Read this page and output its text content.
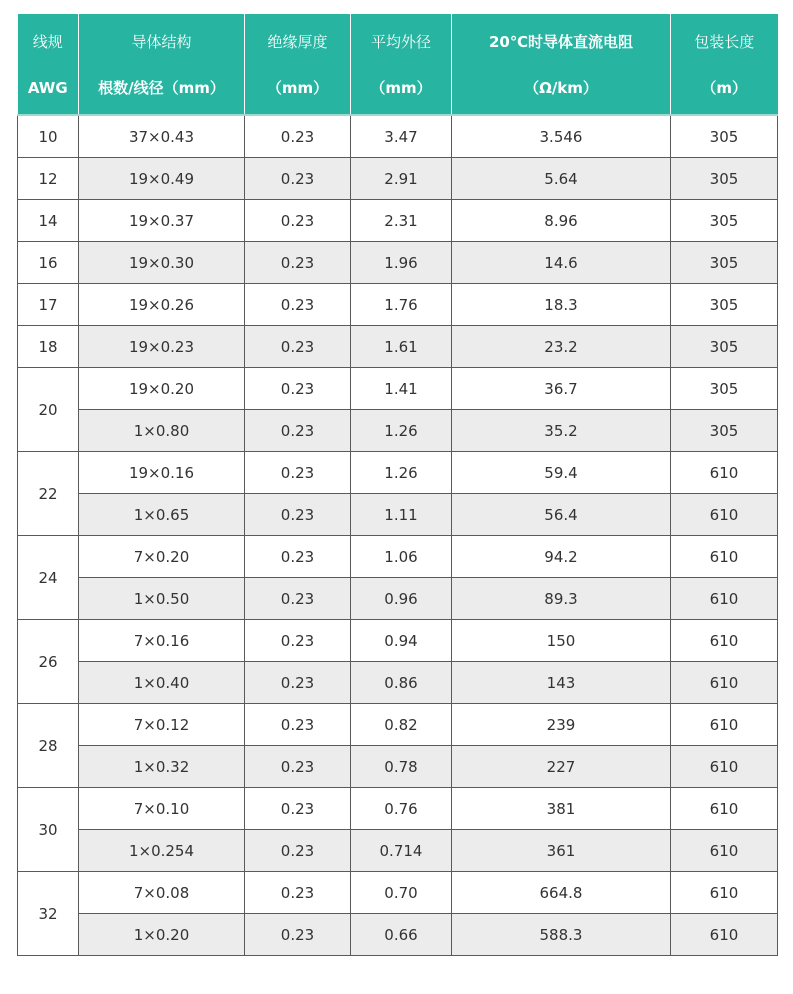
线规	导体结构	绝缘厚度	平均外径	20℃时导体直流电阻	包装长度
AWG	根数/线径（mm）	（mm）	（mm）	（Ω/km）	（m）
10	37×0.43	0.23	3.47	3.546	305
12	19×0.49	0.23	2.91	5.64	305
14	19×0.37	0.23	2.31	8.96	305
16	19×0.30	0.23	1.96	14.6	305
17	19×0.26	0.23	1.76	18.3	305
18	19×0.23	0.23	1.61	23.2	305
20	19×0.20	0.23	1.41	36.7	305
	1×0.80	0.23	1.26	35.2	305
22	19×0.16	0.23	1.26	59.4	610
	1×0.65	0.23	1.11	56.4	610
24	7×0.20	0.23	1.06	94.2	610
	1×0.50	0.23	0.96	89.3	610
26	7×0.16	0.23	0.94	150	610
	1×0.40	0.23	0.86	143	610
28	7×0.12	0.23	0.82	239	610
	1×0.32	0.23	0.78	227	610
30	7×0.10	0.23	0.76	381	610
	1×0.254	0.23	0.714	361	610
32	7×0.08	0.23	0.70	664.8	610
	1×0.20	0.23	0.66	588.3	610
